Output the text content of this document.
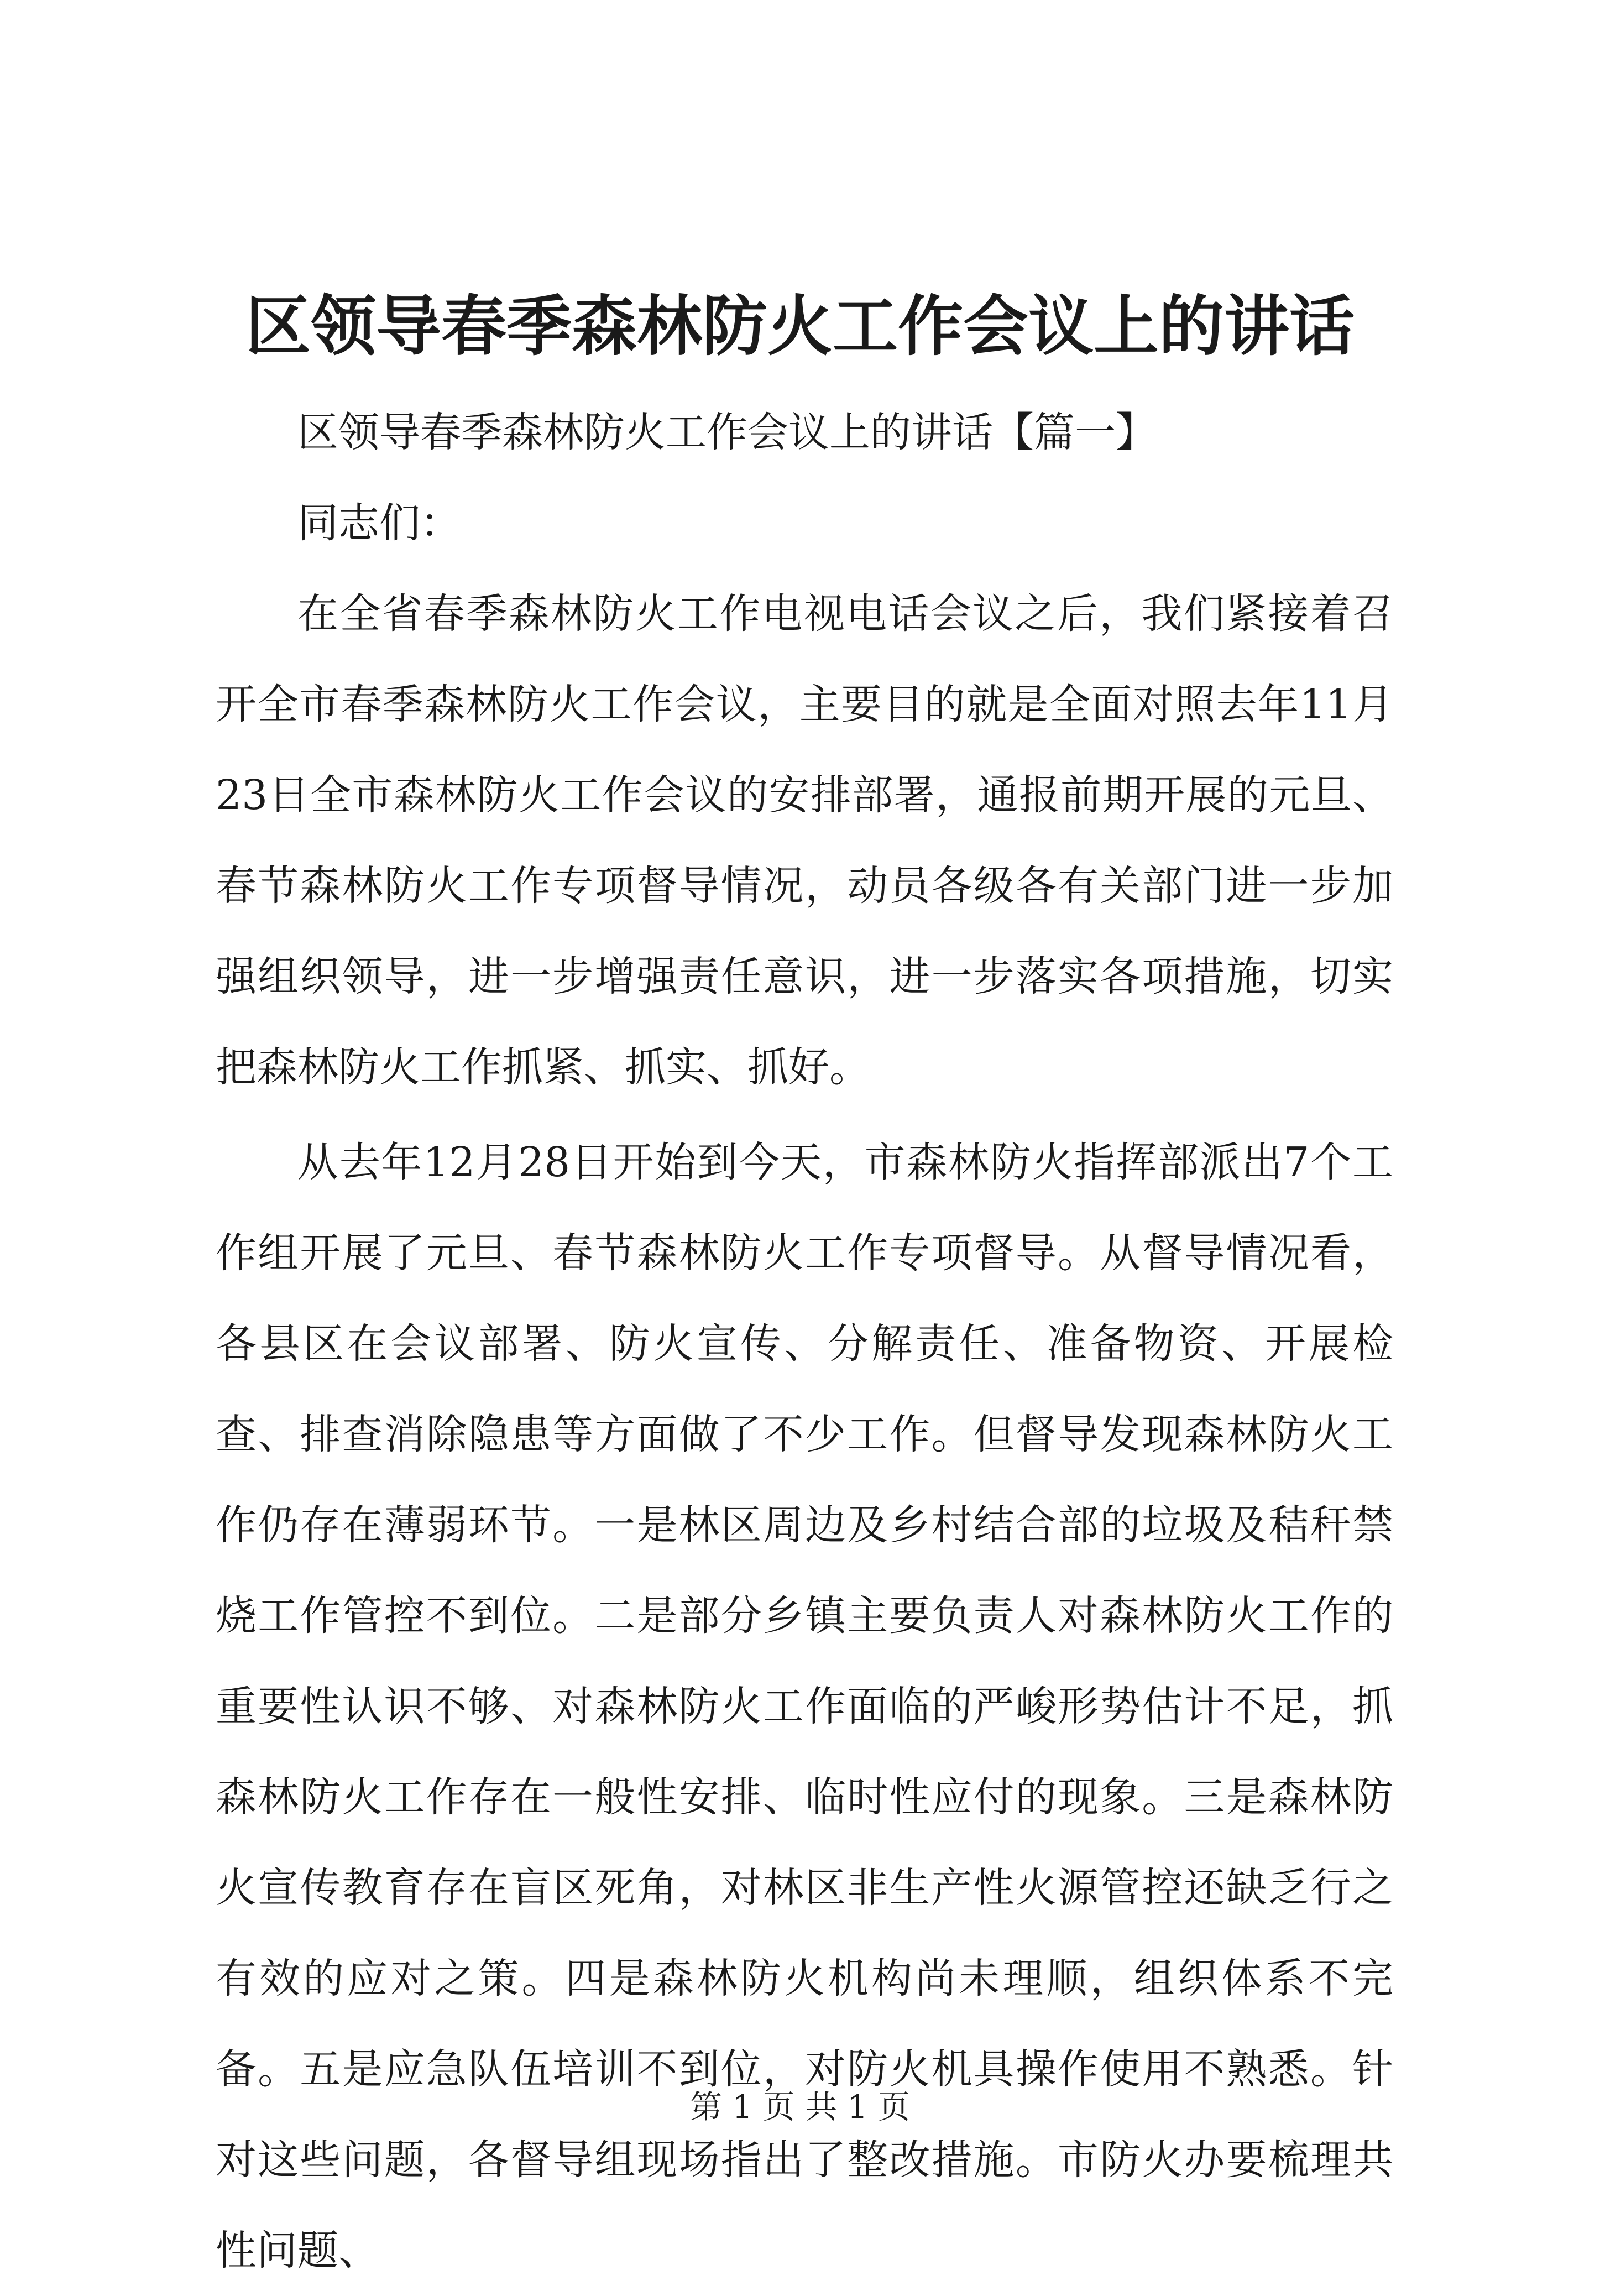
区领导春季森林防火工作会议上的讲话

区领导春季森林防火工作会议上的讲话【篇一】

同志们：

在全省春季森林防火工作电视电话会议之后，我们紧接着召开全市春季森林防火工作会议，主要目的就是全面对照去年11月23日全市森林防火工作会议的安排部署，通报前期开展的元旦、春节森林防火工作专项督导情况，动员各级各有关部门进一步加强组织领导，进一步增强责任意识，进一步落实各项措施，切实把森林防火工作抓紧、抓实、抓好。

从去年12月28日开始到今天，市森林防火指挥部派出7个工作组开展了元旦、春节森林防火工作专项督导。从督导情况看，各县区在会议部署、防火宣传、分解责任、准备物资、开展检查、排查消除隐患等方面做了不少工作。但督导发现森林防火工作仍存在薄弱环节。一是林区周边及乡村结合部的垃圾及秸秆禁烧工作管控不到位。二是部分乡镇主要负责人对森林防火工作的重要性认识不够、对森林防火工作面临的严峻形势估计不足，抓森林防火工作存在一般性安排、临时性应付的现象。三是森林防火宣传教育存在盲区死角，对林区非生产性火源管控还缺乏行之有效的应对之策。四是森林防火机构尚未理顺，组织体系不完备。五是应急队伍培训不到位，对防火机具操作使用不熟悉。针对这些问题，各督导组现场指出了整改措施。市防火办要梳理共性问题、

第 1 页 共 1 页
